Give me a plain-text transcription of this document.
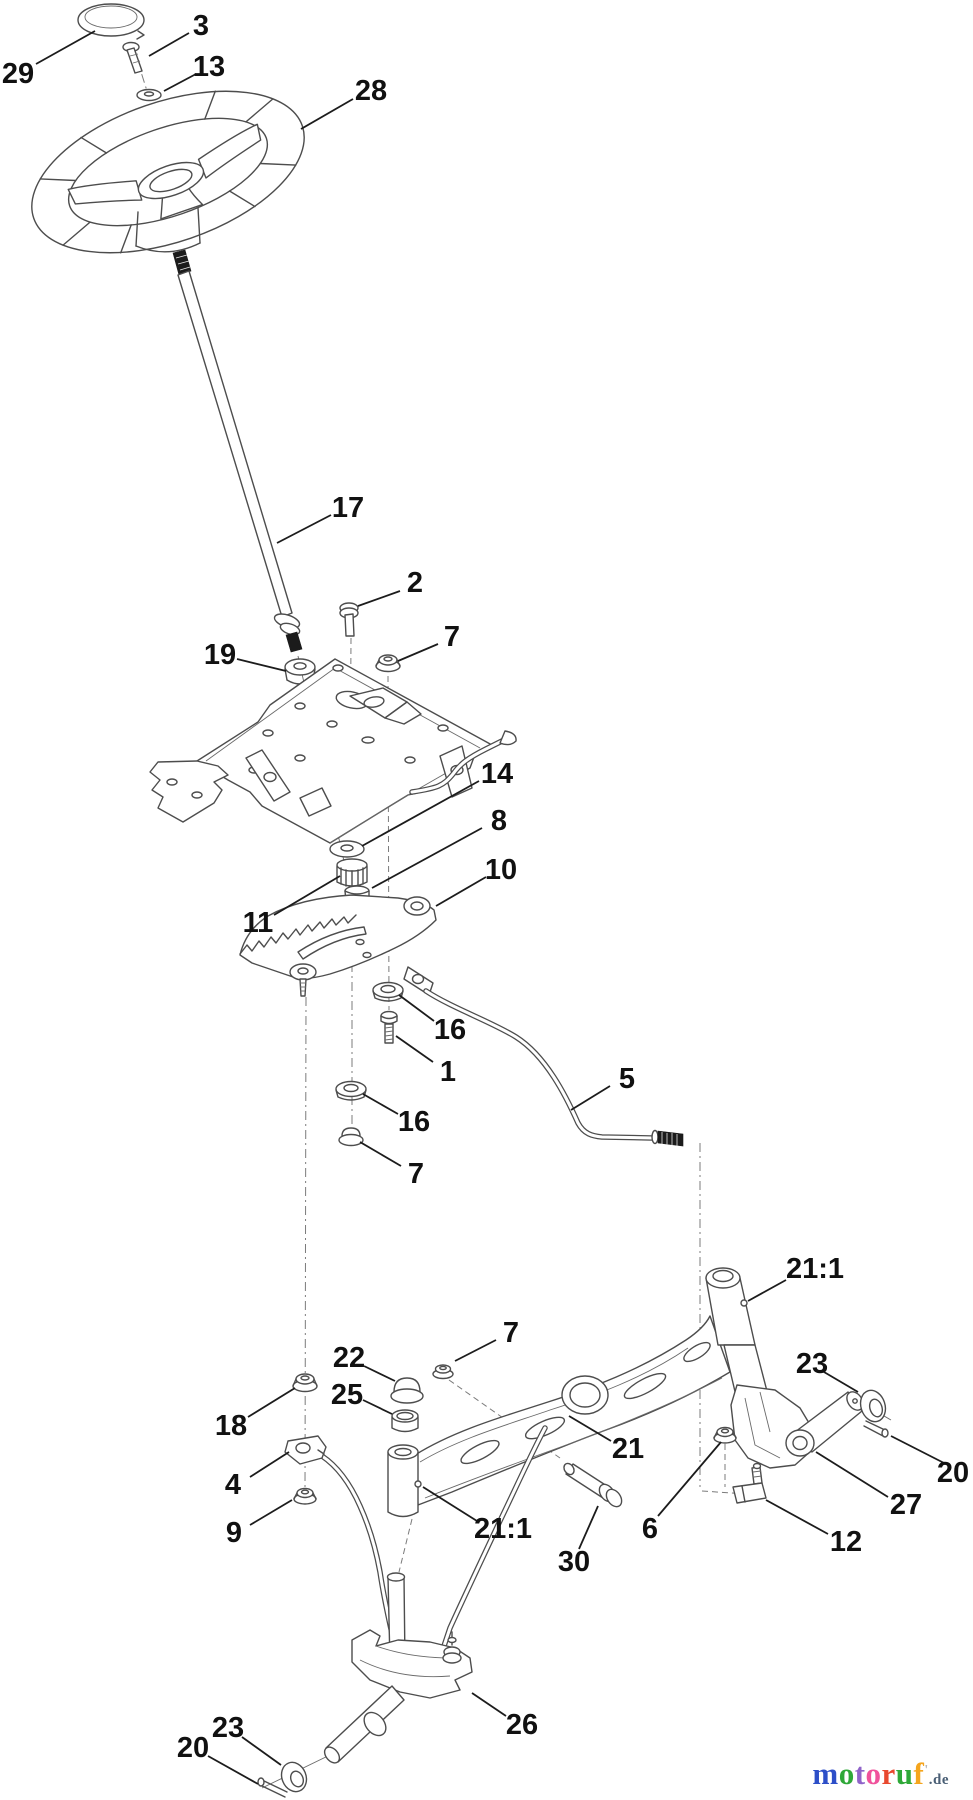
29
3
13
28
17
2
7
19
14
8
10
11
16
1	5
16
7
21:1
22
25
7
21
23
20
27
12
6
30
21:1
18
4
9
26
23
20
motoruf'.de
